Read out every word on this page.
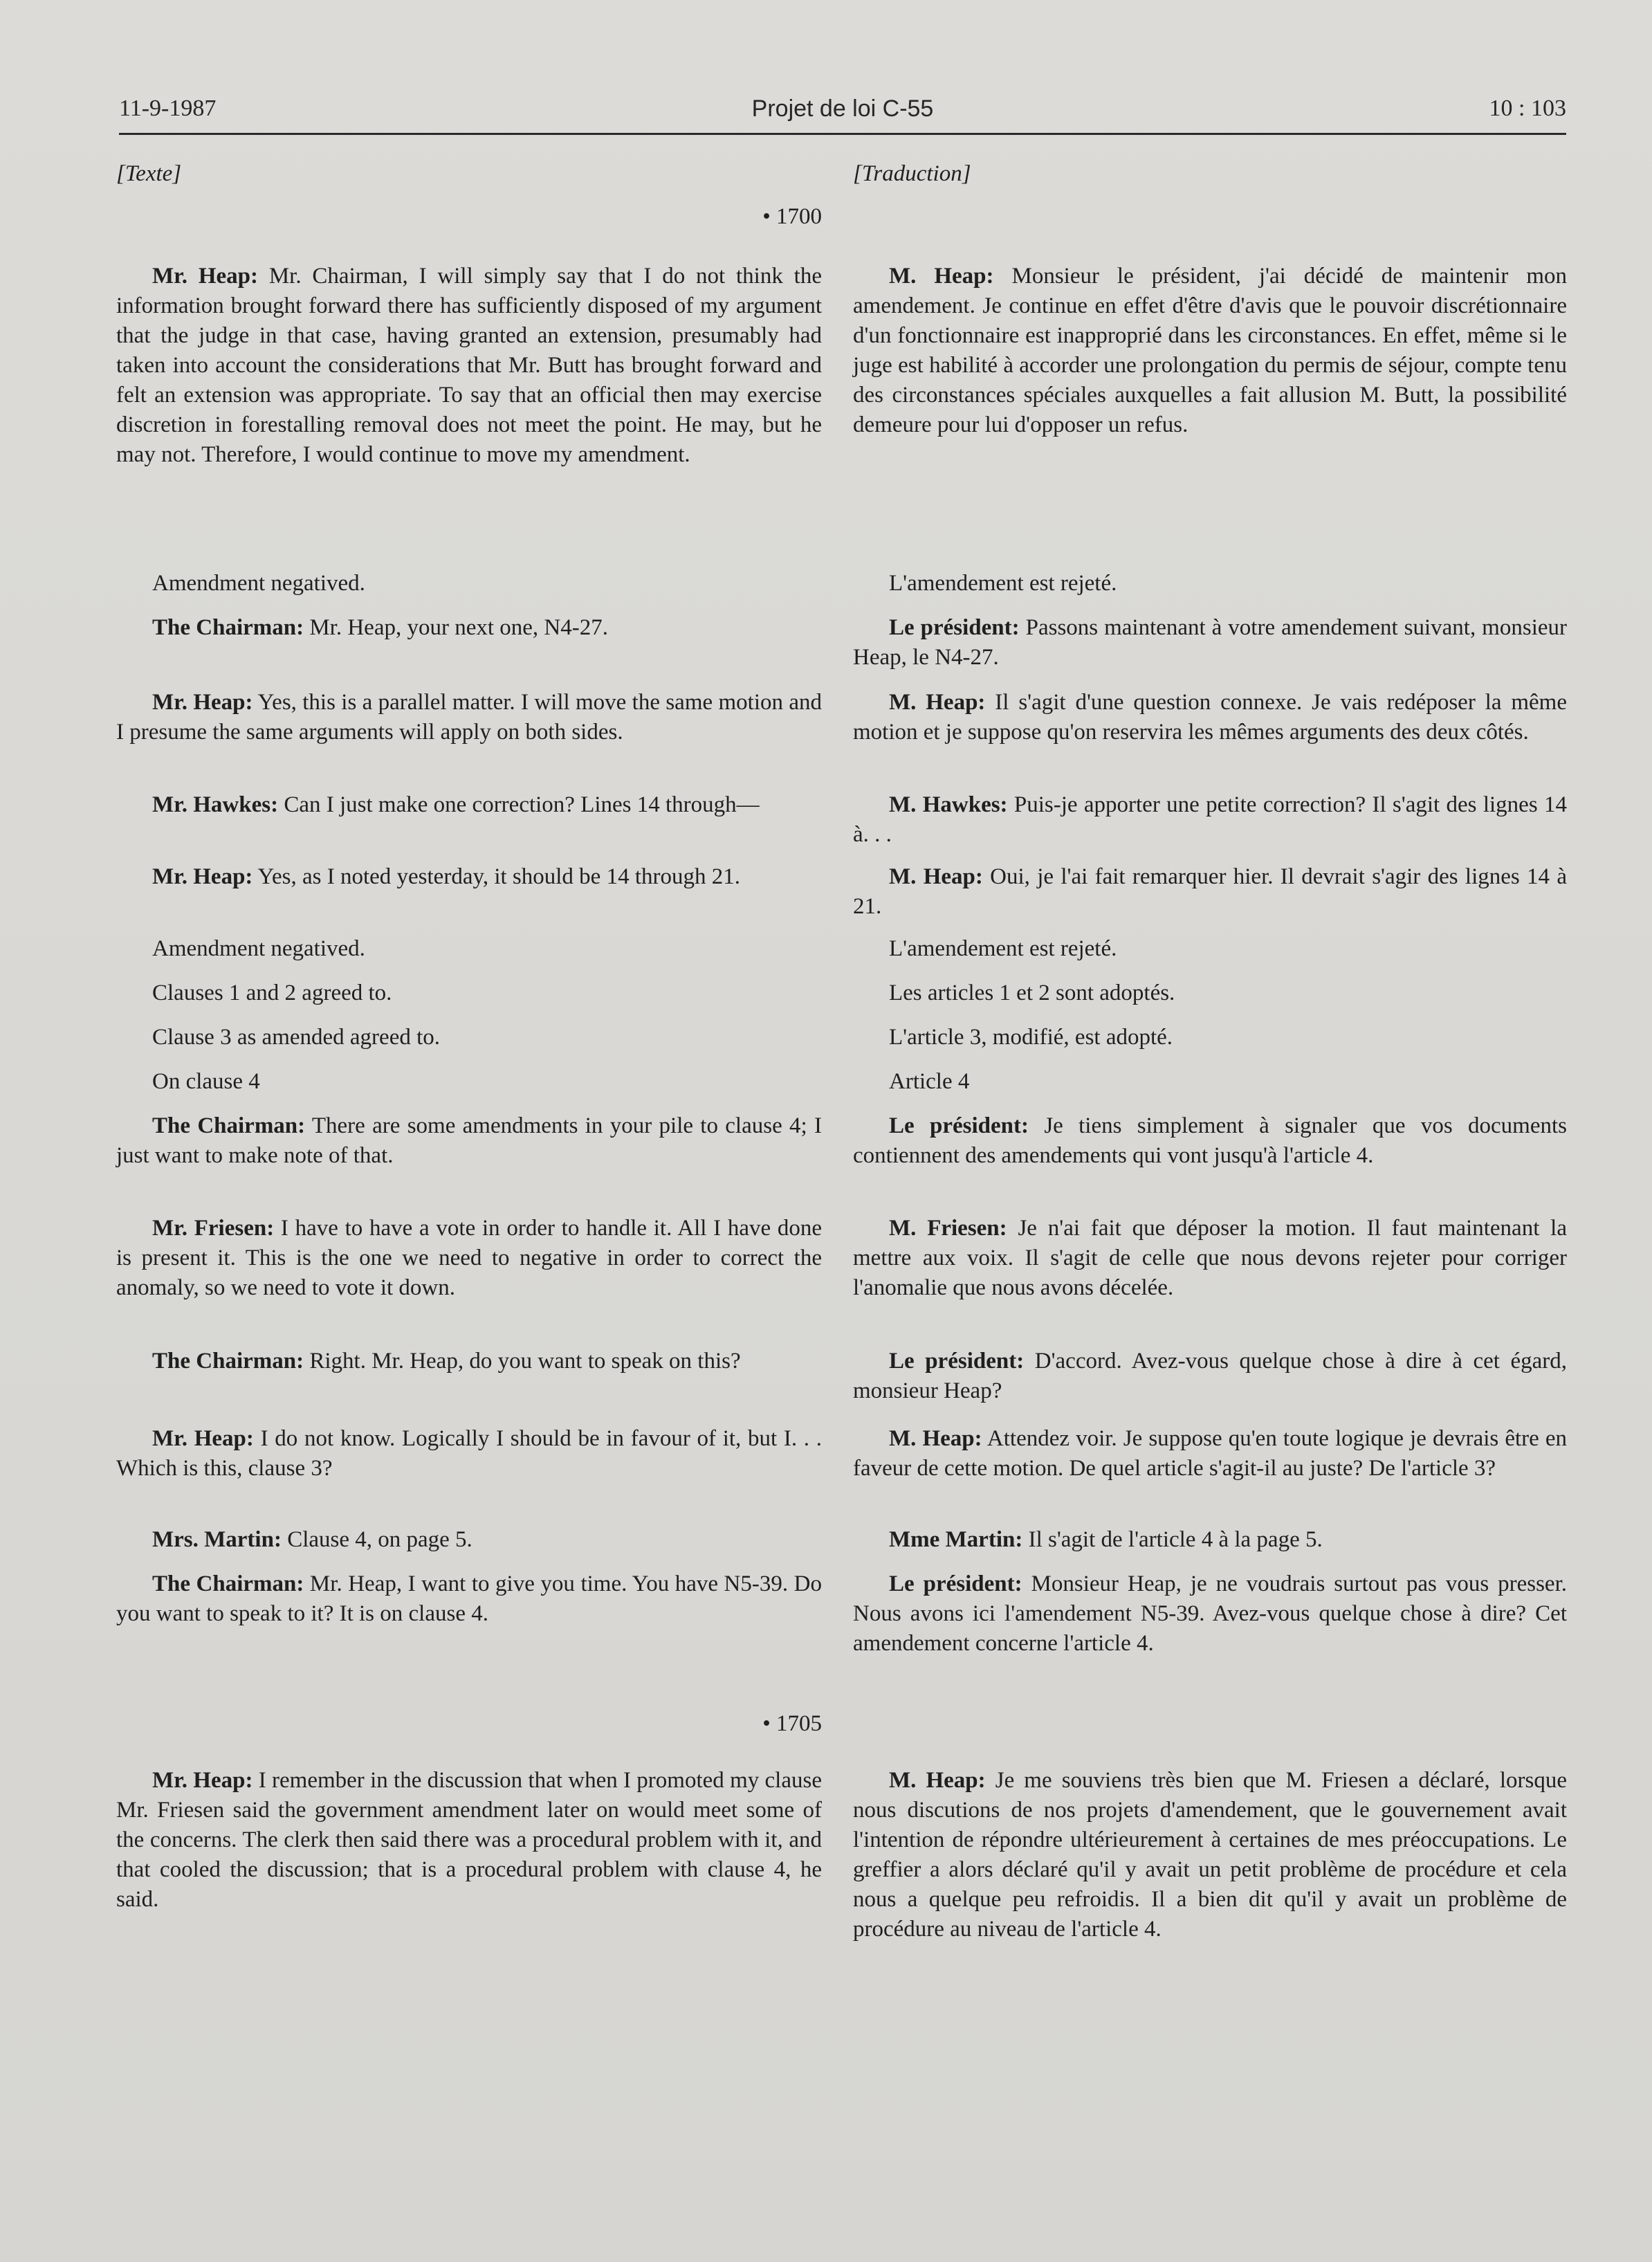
11-9-1987	Projet de loi C-55	10 : 103
[Texte]
• 1700

Mr. Heap: Mr. Chairman, I will simply say that I do not think the information brought forward there has sufficiently disposed of my argument that the judge in that case, having granted an extension, presumably had taken into account the considerations that Mr. Butt has brought forward and felt an extension was appropriate. To say that an official then may exercise discretion in forestalling removal does not meet the point. He may, but he may not. Therefore, I would continue to move my amendment.

Amendment negatived.

The Chairman: Mr. Heap, your next one, N4-27.

Mr. Heap: Yes, this is a parallel matter. I will move the same motion and I presume the same arguments will apply on both sides.

Mr. Hawkes: Can I just make one correction? Lines 14 through—

Mr. Heap: Yes, as I noted yesterday, it should be 14 through 21.

Amendment negatived.

Clauses 1 and 2 agreed to.

Clause 3 as amended agreed to.

On clause 4

The Chairman: There are some amendments in your pile to clause 4; I just want to make note of that.

Mr. Friesen: I have to have a vote in order to handle it. All I have done is present it. This is the one we need to negative in order to correct the anomaly, so we need to vote it down.

The Chairman: Right. Mr. Heap, do you want to speak on this?

Mr. Heap: I do not know. Logically I should be in favour of it, but I. . . Which is this, clause 3?

Mrs. Martin: Clause 4, on page 5.

The Chairman: Mr. Heap, I want to give you time. You have N5-39. Do you want to speak to it? It is on clause 4.

• 1705

Mr. Heap: I remember in the discussion that when I promoted my clause Mr. Friesen said the government amendment later on would meet some of the concerns. The clerk then said there was a procedural problem with it, and that cooled the discussion; that is a procedural problem with clause 4, he said.

[Traduction]

M. Heap: Monsieur le président, j'ai décidé de maintenir mon amendement. Je continue en effet d'être d'avis que le pouvoir discrétionnaire d'un fonctionnaire est inapproprié dans les circonstances. En effet, même si le juge est habilité à accorder une prolongation du permis de séjour, compte tenu des circonstances spéciales auxquelles a fait allusion M. Butt, la possibilité demeure pour lui d'opposer un refus.

L'amendement est rejeté.

Le président: Passons maintenant à votre amendement suivant, monsieur Heap, le N4-27.

M. Heap: Il s'agit d'une question connexe. Je vais redéposer la même motion et je suppose qu'on reservira les mêmes arguments des deux côtés.

M. Hawkes: Puis-je apporter une petite correction? Il s'agit des lignes 14 à. . .

M. Heap: Oui, je l'ai fait remarquer hier. Il devrait s'agir des lignes 14 à 21.

L'amendement est rejeté.

Les articles 1 et 2 sont adoptés.

L'article 3, modifié, est adopté.

Article 4

Le président: Je tiens simplement à signaler que vos documents contiennent des amendements qui vont jusqu'à l'article 4.

M. Friesen: Je n'ai fait que déposer la motion. Il faut maintenant la mettre aux voix. Il s'agit de celle que nous devons rejeter pour corriger l'anomalie que nous avons décelée.

Le président: D'accord. Avez-vous quelque chose à dire à cet égard, monsieur Heap?

M. Heap: Attendez voir. Je suppose qu'en toute logique je devrais être en faveur de cette motion. De quel article s'agit-il au juste? De l'article 3?

Mme Martin: Il s'agit de l'article 4 à la page 5.

Le président: Monsieur Heap, je ne voudrais surtout pas vous presser. Nous avons ici l'amendement N5-39. Avez-vous quelque chose à dire? Cet amendement concerne l'article 4.

M. Heap: Je me souviens très bien que M. Friesen a déclaré, lorsque nous discutions de nos projets d'amendement, que le gouvernement avait l'intention de répondre ultérieurement à certaines de mes préoccupations. Le greffier a alors déclaré qu'il y avait un petit problème de procédure et cela nous a quelque peu refroidis. Il a bien dit qu'il y avait un problème de procédure au niveau de l'article 4.
